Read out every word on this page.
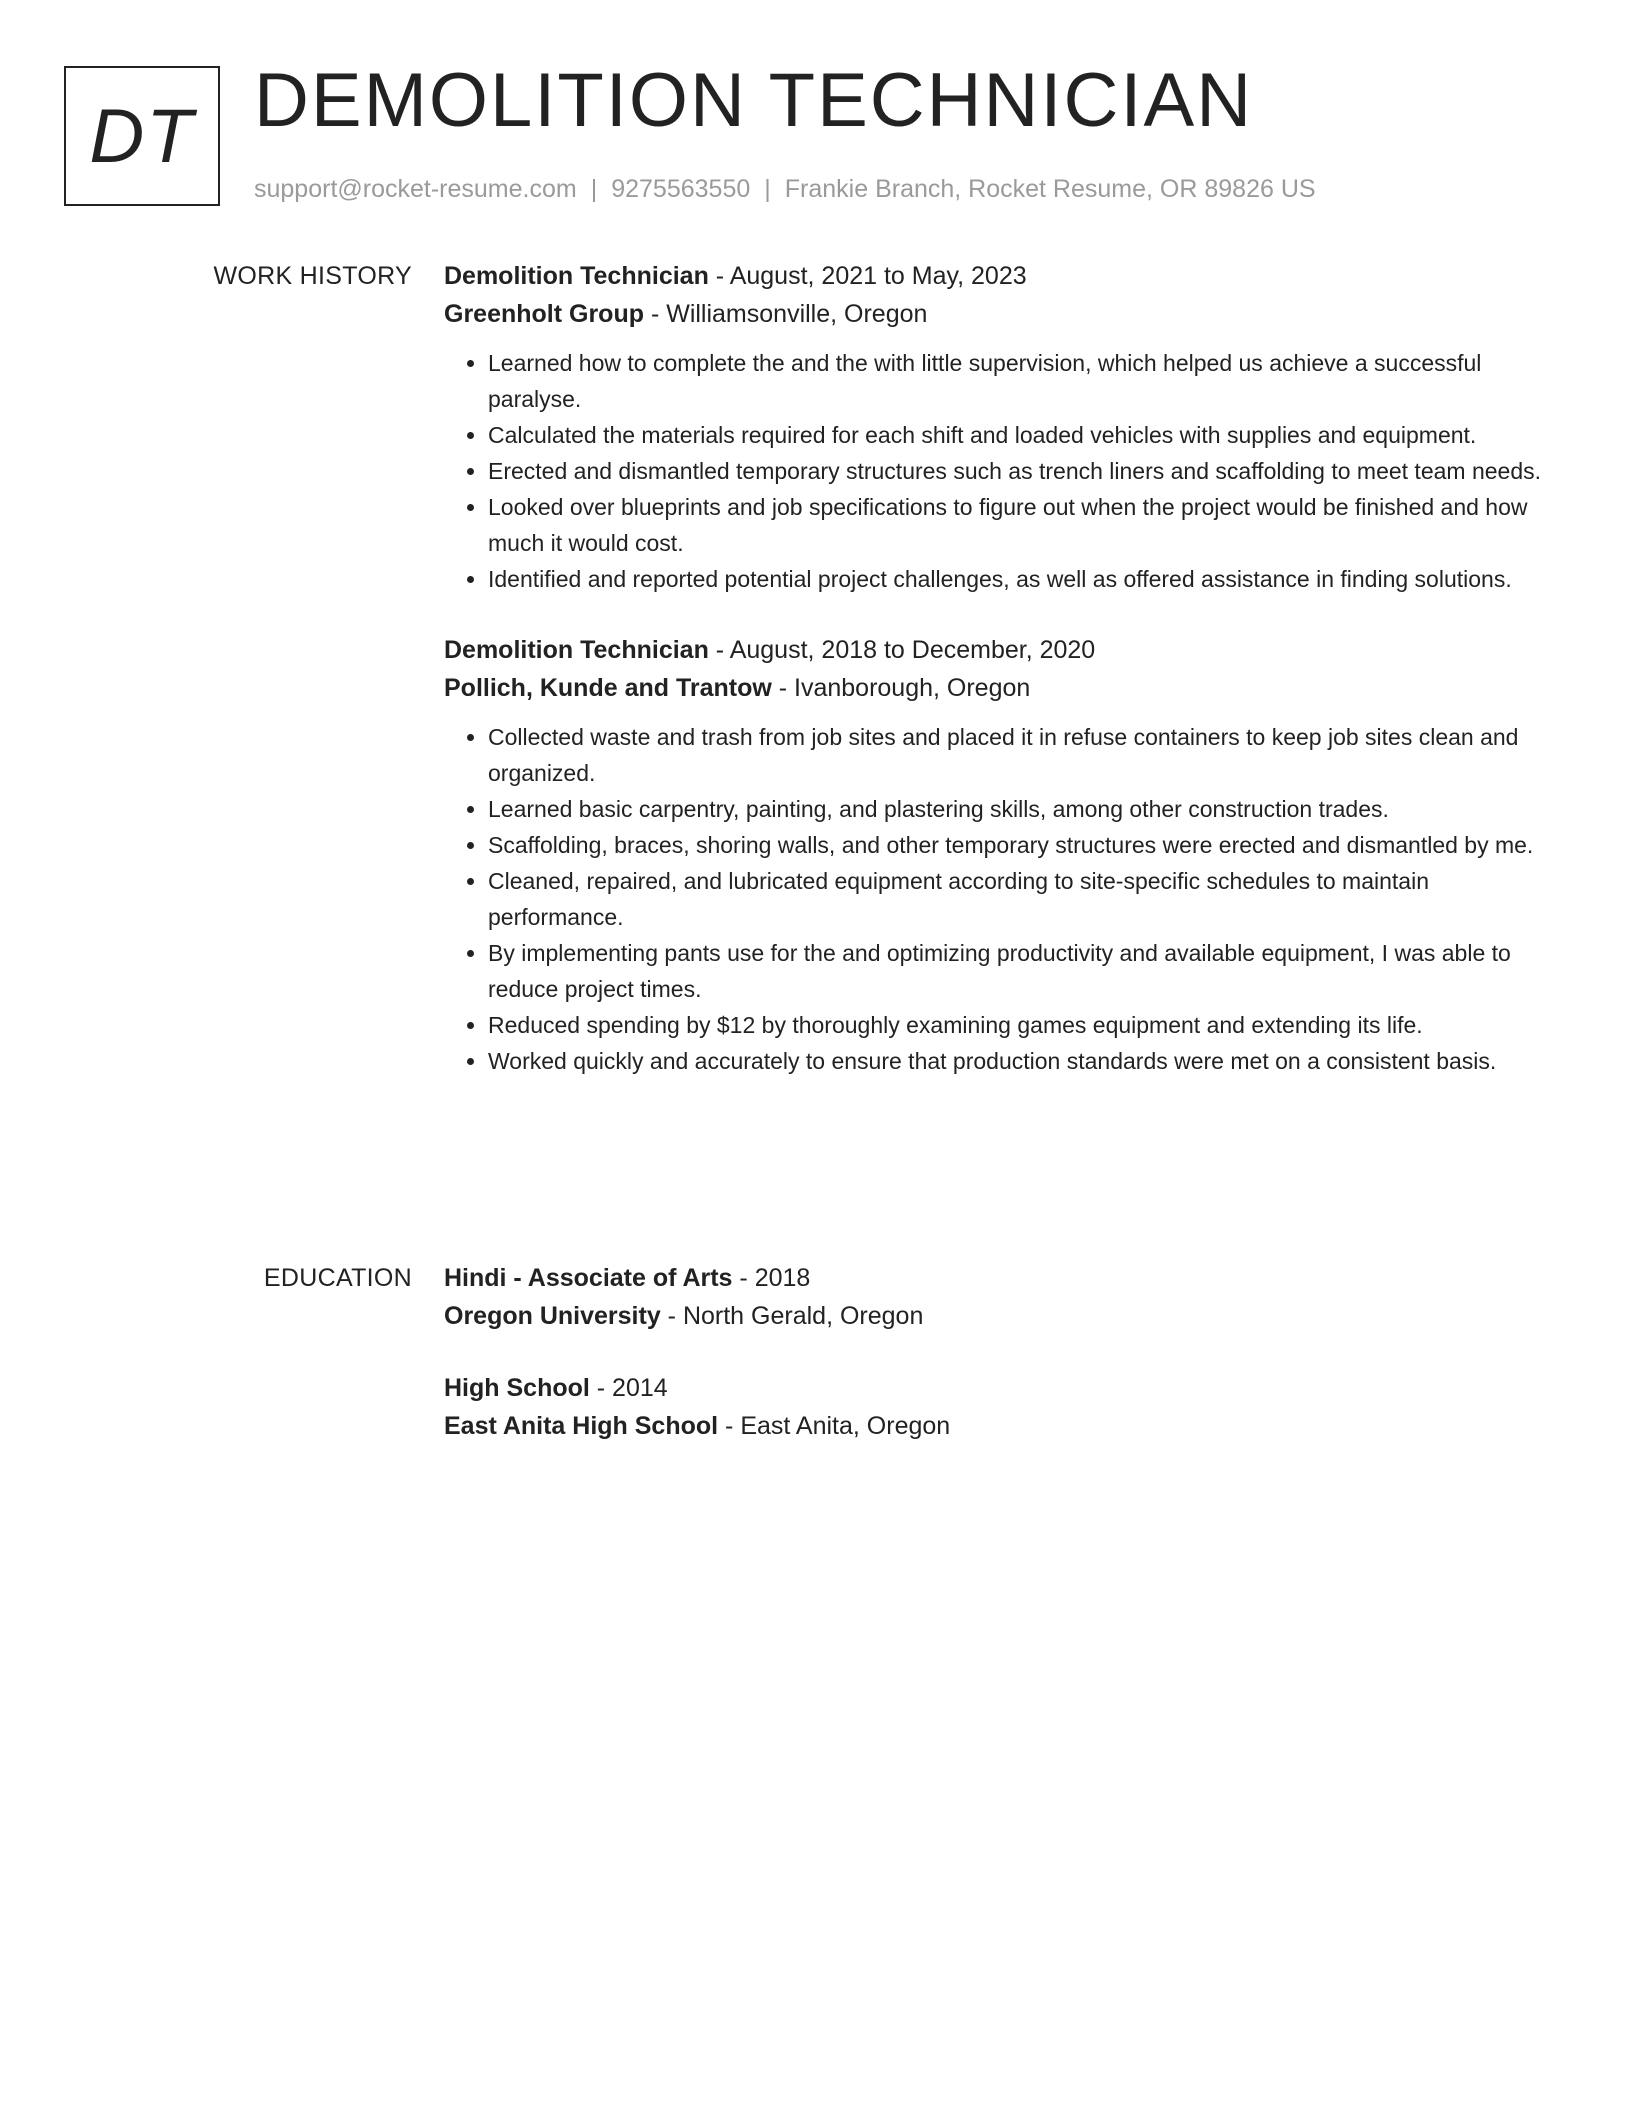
DT DEMOLITION TECHNICIAN
support@rocket-resume.com | 9275563550 | Frankie Branch, Rocket Resume, OR 89826 US
WORK HISTORY Demolition Technician - August, 2021 to May, 2023
Greenholt Group - Williamsonville, Oregon
• Learned how to complete the and the with little supervision, which helped us achieve a successful paralyse.
• Calculated the materials required for each shift and loaded vehicles with supplies and equipment.
• Erected and dismantled temporary structures such as trench liners and scaffolding to meet team needs.
• Looked over blueprints and job specifications to figure out when the project would be finished and how much it would cost.
• Identified and reported potential project challenges, as well as offered assistance in finding solutions.
Demolition Technician - August, 2018 to December, 2020
Pollich, Kunde and Trantow - Ivanborough, Oregon
• Collected waste and trash from job sites and placed it in refuse containers to keep job sites clean and organized.
• Learned basic carpentry, painting, and plastering skills, among other construction trades.
• Scaffolding, braces, shoring walls, and other temporary structures were erected and dismantled by me.
• Cleaned, repaired, and lubricated equipment according to site-specific schedules to maintain performance.
• By implementing pants use for the and optimizing productivity and available equipment, I was able to reduce project times.
• Reduced spending by $12 by thoroughly examining games equipment and extending its life.
• Worked quickly and accurately to ensure that production standards were met on a consistent basis.
EDUCATION Hindi - Associate of Arts - 2018
Oregon University - North Gerald, Oregon
High School - 2014
East Anita High School - East Anita, Oregon
